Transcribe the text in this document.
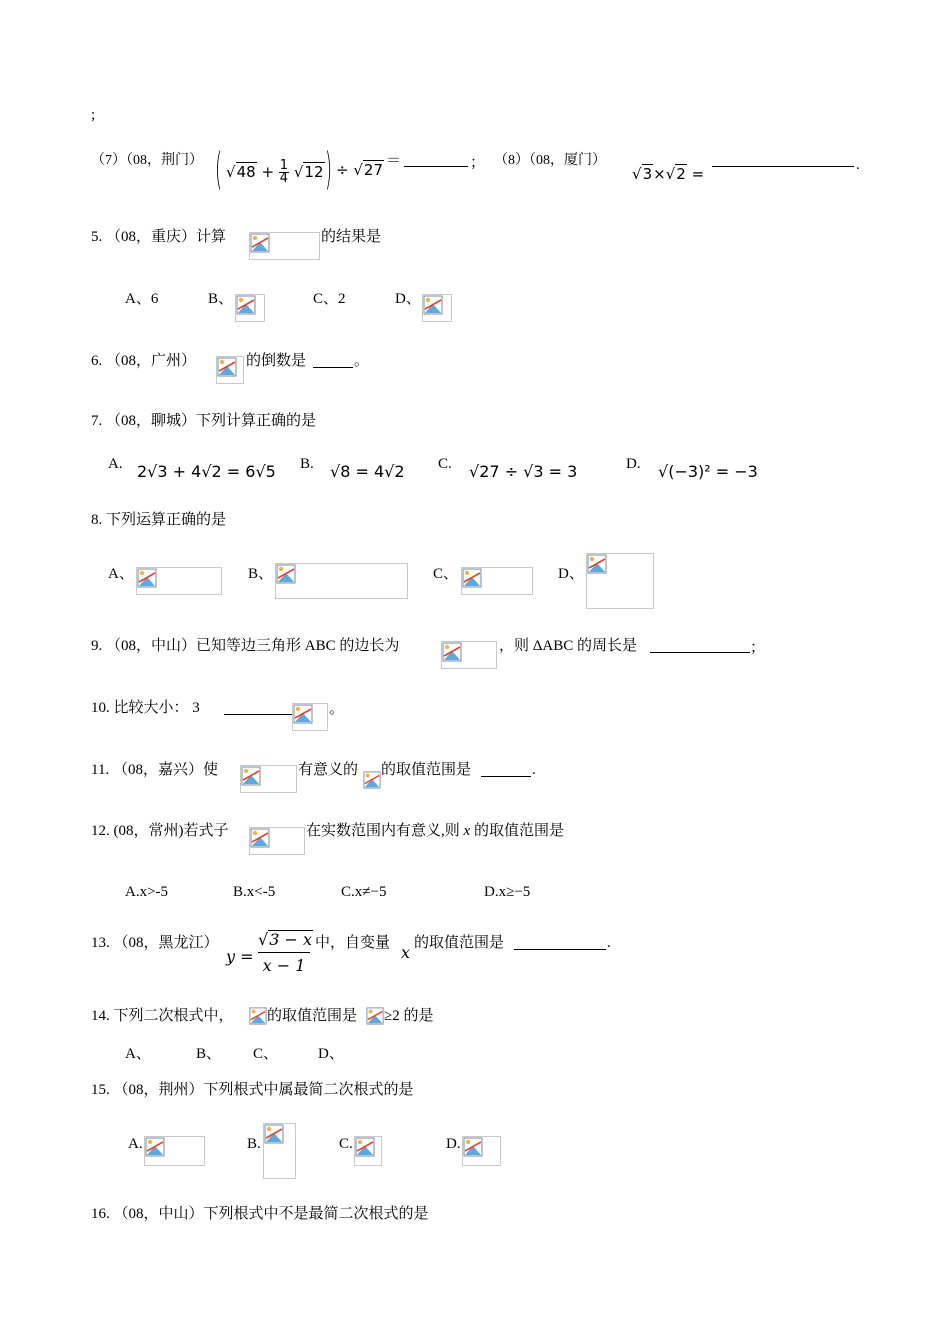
;
（7）（08，荆门） ( $√48 + \frac{1}{4} √12$ ) ÷ √27 ＝	； （8）（08，厦门）
√3×√2 =	.
5. （08，重庆）计算	的结果是
A、6	B、	C、2	D、
6. （08，广州）	的倒数是	。
7. （08，聊城）下列计算正确的是
A. 2√3 + 4√2 = 6√5 B. √8 = 4√2 C. √27 ÷ √3 = 3	D. √(−3)² = −3
8. 下列运算正确的是
A、	B、	C、	D、
9. （08，中山）已知等边三角形 ABC 的边长为	，则 ΔABC 的周长是	；
10. 比较大小： 3	。
11. （08，嘉兴）使	有意义的 的取值范围是	.
12. (08，常州)若式子	在实数范围内有意义,则 x 的取值范围是
A.x>-5	B.x<-5	C.x≠−5	D.x≥−5
13. （08，黑龙江）
$y = \frac{√3 - x}{x - 1}$ 中，自变量 x 的取值范围是	.
14. 下列二次根式中， 的取值范围是 ≥2 的是
A、	B、 C、	D、
15. （08，荆州）下列根式中属最简二次根式的是
A.	B.	C.	D.
16. （08，中山）下列根式中不是最简二次根式的是
